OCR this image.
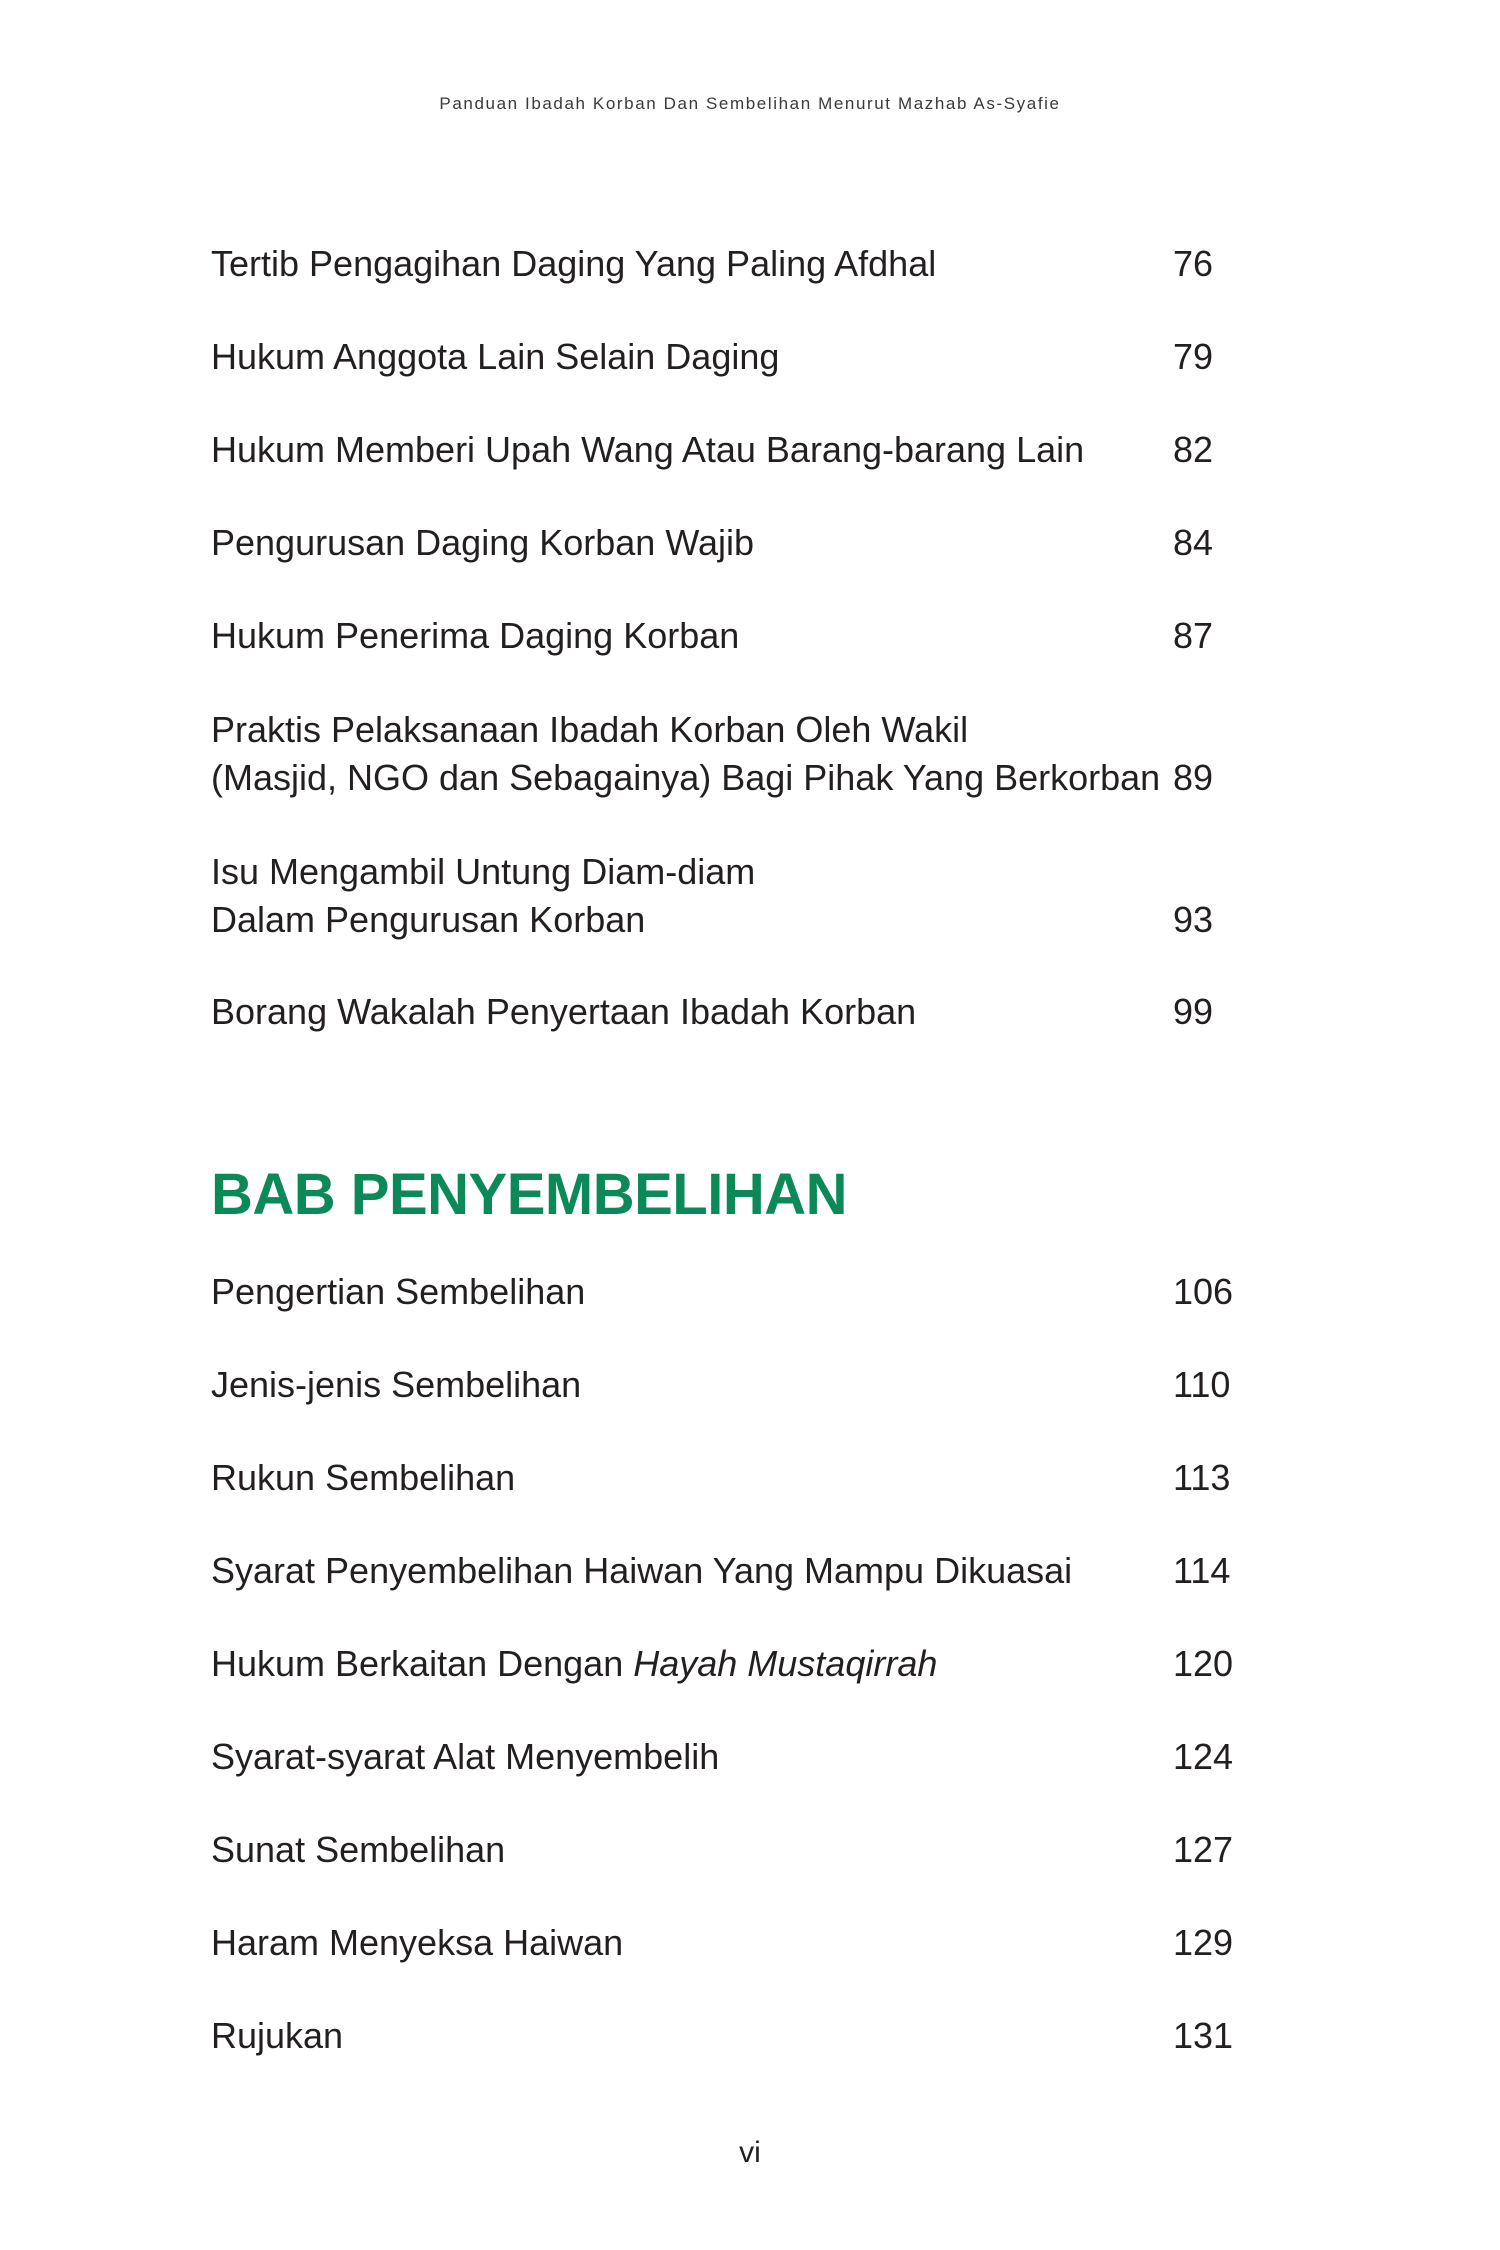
Panduan Ibadah Korban Dan Sembelihan Menurut Mazhab As-Syafie
Tertib Pengagihan Daging Yang Paling Afdhal	76
Hukum Anggota Lain Selain Daging	79
Hukum Memberi Upah Wang Atau Barang-barang Lain	82
Pengurusan Daging Korban Wajib	84
Hukum Penerima Daging Korban	87
Praktis Pelaksanaan Ibadah Korban Oleh Wakil
(Masjid, NGO dan Sebagainya) Bagi Pihak Yang Berkorban 89
Isu Mengambil Untung Diam-diam
Dalam Pengurusan Korban	93
Borang Wakalah Penyertaan Ibadah Korban	99
BAB PENYEMBELIHAN
Pengertian Sembelihan	106
Jenis-jenis Sembelihan	110
Rukun Sembelihan	113
Syarat Penyembelihan Haiwan Yang Mampu Dikuasai	114
Hukum Berkaitan Dengan Hayah Mustaqirrah	120
Syarat-syarat Alat Menyembelih	124
Sunat Sembelihan	127
Haram Menyeksa Haiwan	129
Rujukan	131
vi
